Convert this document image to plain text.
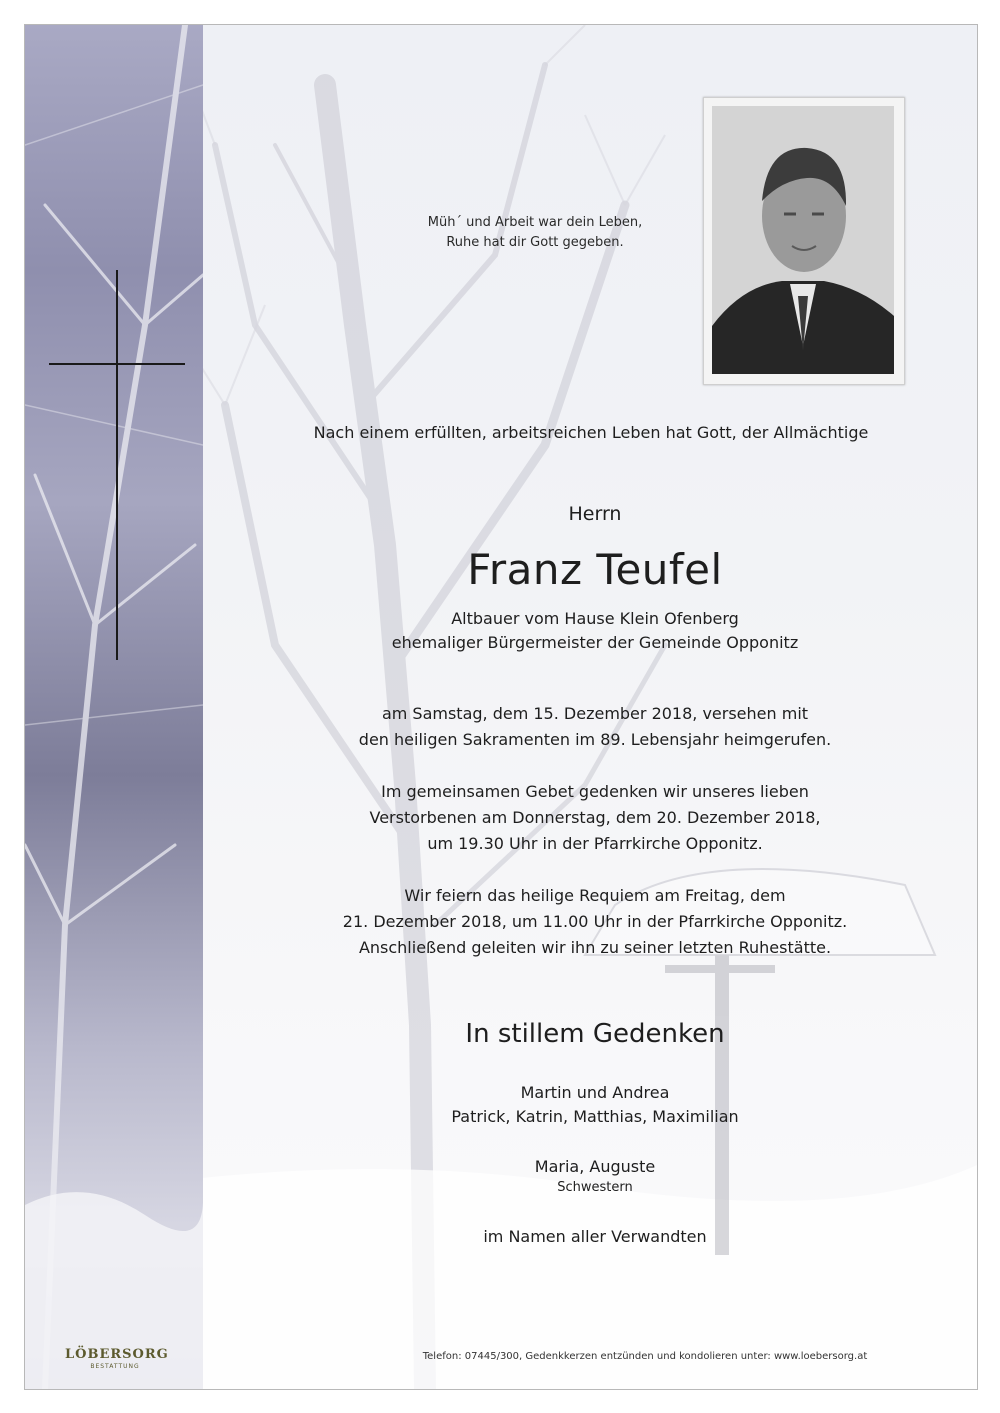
LÖBERSORG
BESTATTUNG
Müh´ und Arbeit war dein Leben,
Ruhe hat dir Gott gegeben.
Nach einem erfüllten, arbeitsreichen Leben hat Gott, der Allmächtige
Herrn
Franz Teufel
Altbauer vom Hause Klein Ofenberg
ehemaliger Bürgermeister der Gemeinde Opponitz
am Samstag, dem 15. Dezember 2018, versehen mit
den heiligen Sakramenten im 89. Lebensjahr heimgerufen.
Im gemeinsamen Gebet gedenken wir unseres lieben
Verstorbenen am Donnerstag, dem 20. Dezember 2018,
um 19.30 Uhr in der Pfarrkirche Opponitz.
Wir feiern das heilige Requiem am Freitag, dem
21. Dezember 2018, um 11.00 Uhr in der Pfarrkirche Opponitz.
Anschließend geleiten wir ihn zu seiner letzten Ruhestätte.
In stillem Gedenken
Martin und Andrea
Patrick, Katrin, Matthias, Maximilian
Maria, Auguste
Schwestern
im Namen aller Verwandten
Telefon: 07445/300, Gedenkkerzen entzünden und kondolieren unter: www.loebersorg.at
